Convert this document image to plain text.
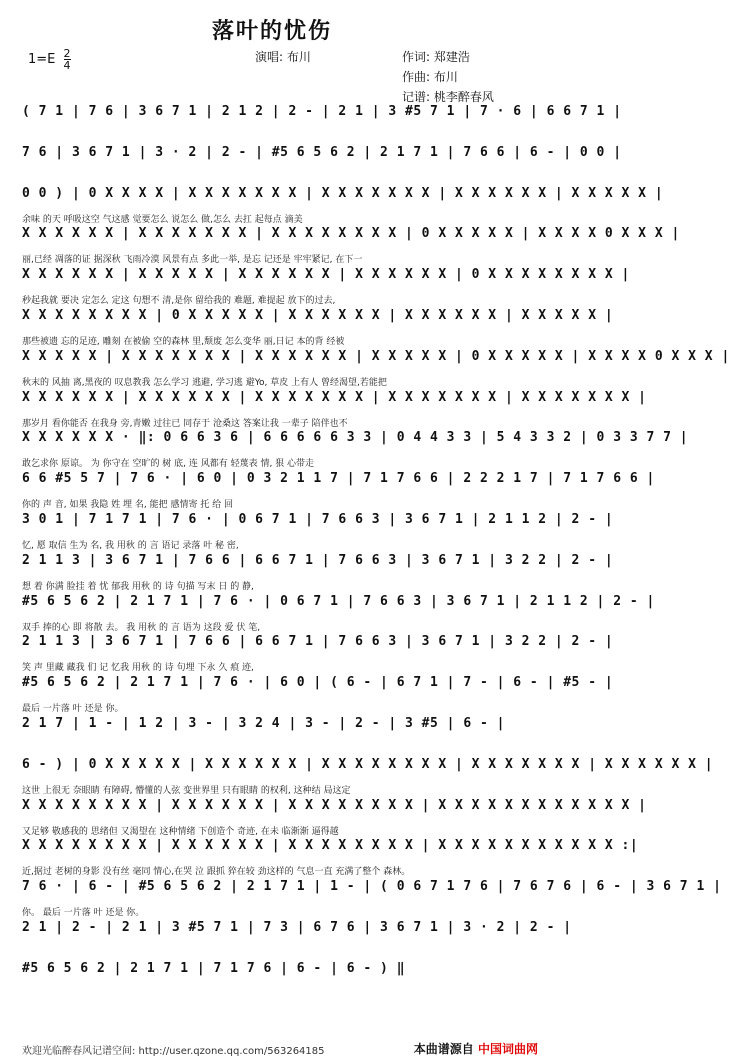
落叶的忧伤
$1=E \frac{2}{4}$	演唱: 布川	作词: 郑建浩
作曲: 布川
记谱: 桃李醉春风
( 7 1 | 7 6 | 3 6 7 1 | 2 1 2 | 2 - | 2 1 | 3 #5 7 1 | 7 · 6 | 6 6 7 1 |
7 6 | 3 6 7 1 | 3 · 2 | 2 - | #5 6 5 6 2 | 2 1 7 1 | 7 6 6 | 6 - | 0 0 |
0 0 ) | 0 X X X X | X X X X X X X | X X X X X X X | X X X X X X | X X X X X |
余味 的天 呼吸这空 气这感 觉要怎么 说怎么 做,怎么 去扛 起每点 滴美
X X X X X X | X X X X X X X | X X X X X X X X | 0 X X X X X | X X X X 0 X X X |
丽,已经 凋落的证 据深秋 飞雨冷漠 风景有点 多此一举, 是忘 记还是 牢牢紧记, 在下一
X X X X X X | X X X X X | X X X X X X | X X X X X X | 0 X X X X X X X X |
秒起我就 要决 定怎么 定这 句想不 清,是你 留给我的 难题, 难提起 放下的过去,
X X X X X X X X | 0 X X X X X | X X X X X X | X X X X X X | X X X X X |
那些被遗 忘的足迹, 雕刻 在被偷 空的森林 里,颓废 怎么变华 丽,日记 本的背 经被
X X X X X | X X X X X X X | X X X X X X | X X X X X | 0 X X X X X | X X X X 0 X X X |
秋末的 风抽 离,黑夜的 叹息教我 怎么学习 逃避, 学习逃 避Yo, 草皮 上有人 曾经渴望,若能把
X X X X X X | X X X X X X | X X X X X X X | X X X X X X X | X X X X X X X |
那岁月 看你能否 在我身 旁,青嫩 过往已 同存于 沧桑这 答案让我 一辈子 陪伴也不
X X X X X X · ‖: 0 6 6 3 6 | 6 6 6 6 6 3 3 | 0 4 4 3 3 | 5 4 3 3 2 | 0 3 3 7 7 |
敢乞求你 原谅。 为 你守在 空旷的 树 底, 连 风都有 轻蔑表 情, 狠 心带走
6 6 #5 5 7 | 7 6 · | 6 0 | 0 3 2 1 1 7 | 7 1 7 6 6 | 2 2 2 1 7 | 7 1 7 6 6 |
你的 声 音, 如果 我隐 姓 埋 名, 能把 感情寄 托 给 回
3 0 1 | 7 1 7 1 | 7 6 · | 0 6 7 1 | 7 6 6 3 | 3 6 7 1 | 2 1 1 2 | 2 - |
忆, 愿 取信 生为 名, 我 用秋 的 言 语记 录落 叶 秘 密,
2 1 1 3 | 3 6 7 1 | 7 6 6 | 6 6 7 1 | 7 6 6 3 | 3 6 7 1 | 3 2 2 | 2 - |
想 着 你满 脸挂 着 忧 郁我 用秋 的 诗 句描 写末 日 的 静,
#5 6 5 6 2 | 2 1 7 1 | 7 6 · | 0 6 7 1 | 7 6 6 3 | 3 6 7 1 | 2 1 1 2 | 2 - |
双手 捧的心 即 将散 去。 我 用秋 的 言 语为 这段 爱 伏 笔,
2 1 1 3 | 3 6 7 1 | 7 6 6 | 6 6 7 1 | 7 6 6 3 | 3 6 7 1 | 3 2 2 | 2 - |
笑 声 里藏 藏我 们 记 忆我 用秋 的 诗 句埋 下永 久 痕 迹,
#5 6 5 6 2 | 2 1 7 1 | 7 6 · | 6 0 | ( 6 - | 6 7 1 | 7 - | 6 - | #5 - |
最后 一片落 叶 还是 你。
2 1 7 | 1 - | 1 2 | 3 - | 3 2 4 | 3 - | 2 - | 3 #5 | 6 - |
6 - ) | 0 X X X X X | X X X X X X | X X X X X X X X | X X X X X X X | X X X X X X |
这世 上很无 奈眼睛 有障碍, 懵懂的人弦 变世界里 只有眼睛 的权利, 这种结 局这定
X X X X X X X X | X X X X X X | X X X X X X X X | X X X X X X X X X X X X |
又足够 敬感我的 思绪但 又渴望在 这种情绪 下创造个 奇迹, 在未 临渐渐 逼得越
X X X X X X X X | X X X X X X | X X X X X X X X | X X X X X X X X X X X :|
近,据过 老树的身影 没有丝 毫同 情心,在哭 泣 跟抓 猝在较 劲这样的 气息一直 充满了整个 森林。
7 6 · | 6 - | #5 6 5 6 2 | 2 1 7 1 | 1 - | ( 0 6 7 1 7 6 | 7 6 7 6 | 6 - | 3 6 7 1 |
你。 最后 一片落 叶 还是 你。
2 1 | 2 - | 2 1 | 3 #5 7 1 | 7 3 | 6 7 6 | 3 6 7 1 | 3 · 2 | 2 - |
#5 6 5 6 2 | 2 1 7 1 | 7 1 7 6 | 6 - | 6 - ) ‖
欢迎光临醉春风记谱空间: http://user.qzone.qq.com/563264185	本曲谱源自 中国词曲网
